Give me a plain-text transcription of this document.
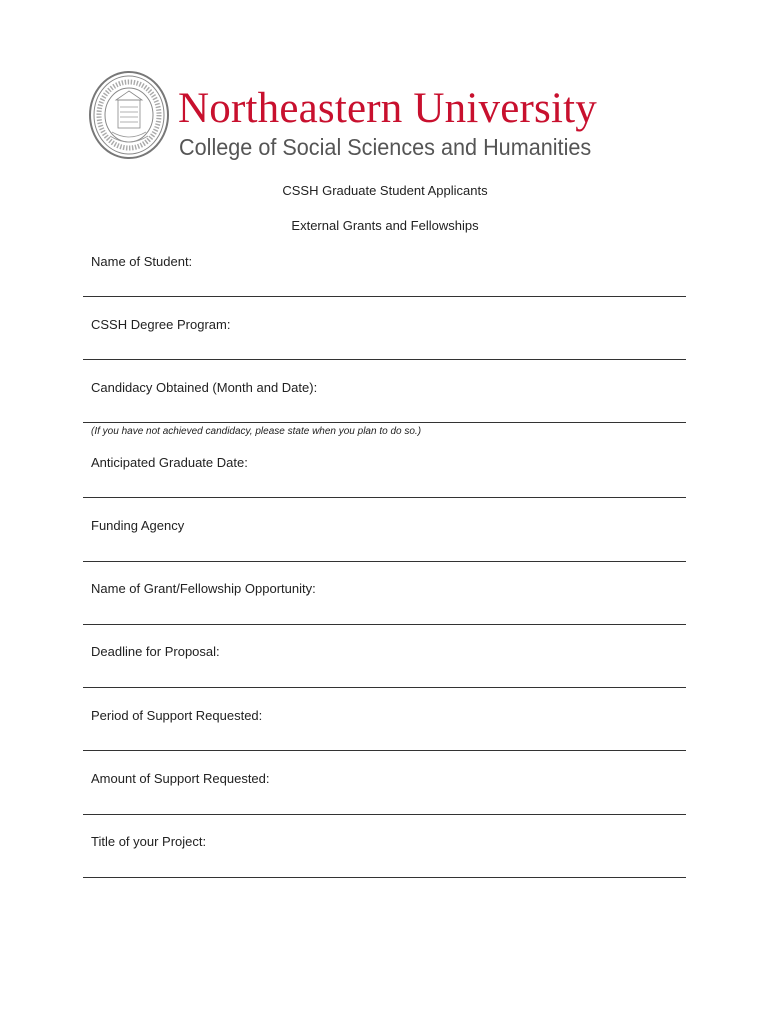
Northeastern University
College of Social Sciences and Humanities
CSSH Graduate Student Applicants
External Grants and Fellowships
Name of Student:
CSSH Degree Program:
Candidacy Obtained (Month and Date):
(If you have not achieved candidacy, please state when you plan to do so.)
Anticipated Graduate Date:
Funding Agency
Name of Grant/Fellowship Opportunity:
Deadline for Proposal:
Period of Support Requested:
Amount of Support Requested:
Title of your Project:
